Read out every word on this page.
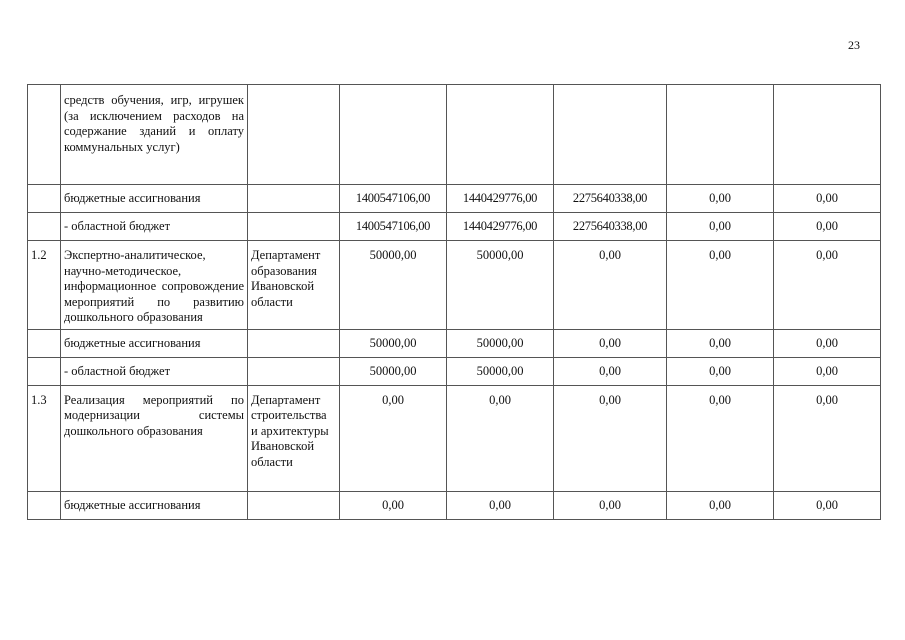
23
	средств обучения, игр, игрушек (за исключением расходов на содержание зданий и оплату коммунальных услуг)						
	бюджетные ассигнования		1400547106,00	1440429776,00	2275640338,00	0,00	0,00
	- областной бюджет		1400547106,00	1440429776,00	2275640338,00	0,00	0,00
1.2	Экспертно-аналитическое, научно-методическое, информационное сопровождение мероприятий по развитию дошкольного образования	Департамент образования Ивановской области	50000,00	50000,00	0,00	0,00	0,00
	бюджетные ассигнования		50000,00	50000,00	0,00	0,00	0,00
	- областной бюджет		50000,00	50000,00	0,00	0,00	0,00
1.3	Реализация мероприятий по модернизации системы дошкольного образования	Департамент строительства и архитектуры Ивановской области	0,00	0,00	0,00	0,00	0,00
	бюджетные ассигнования		0,00	0,00	0,00	0,00	0,00
